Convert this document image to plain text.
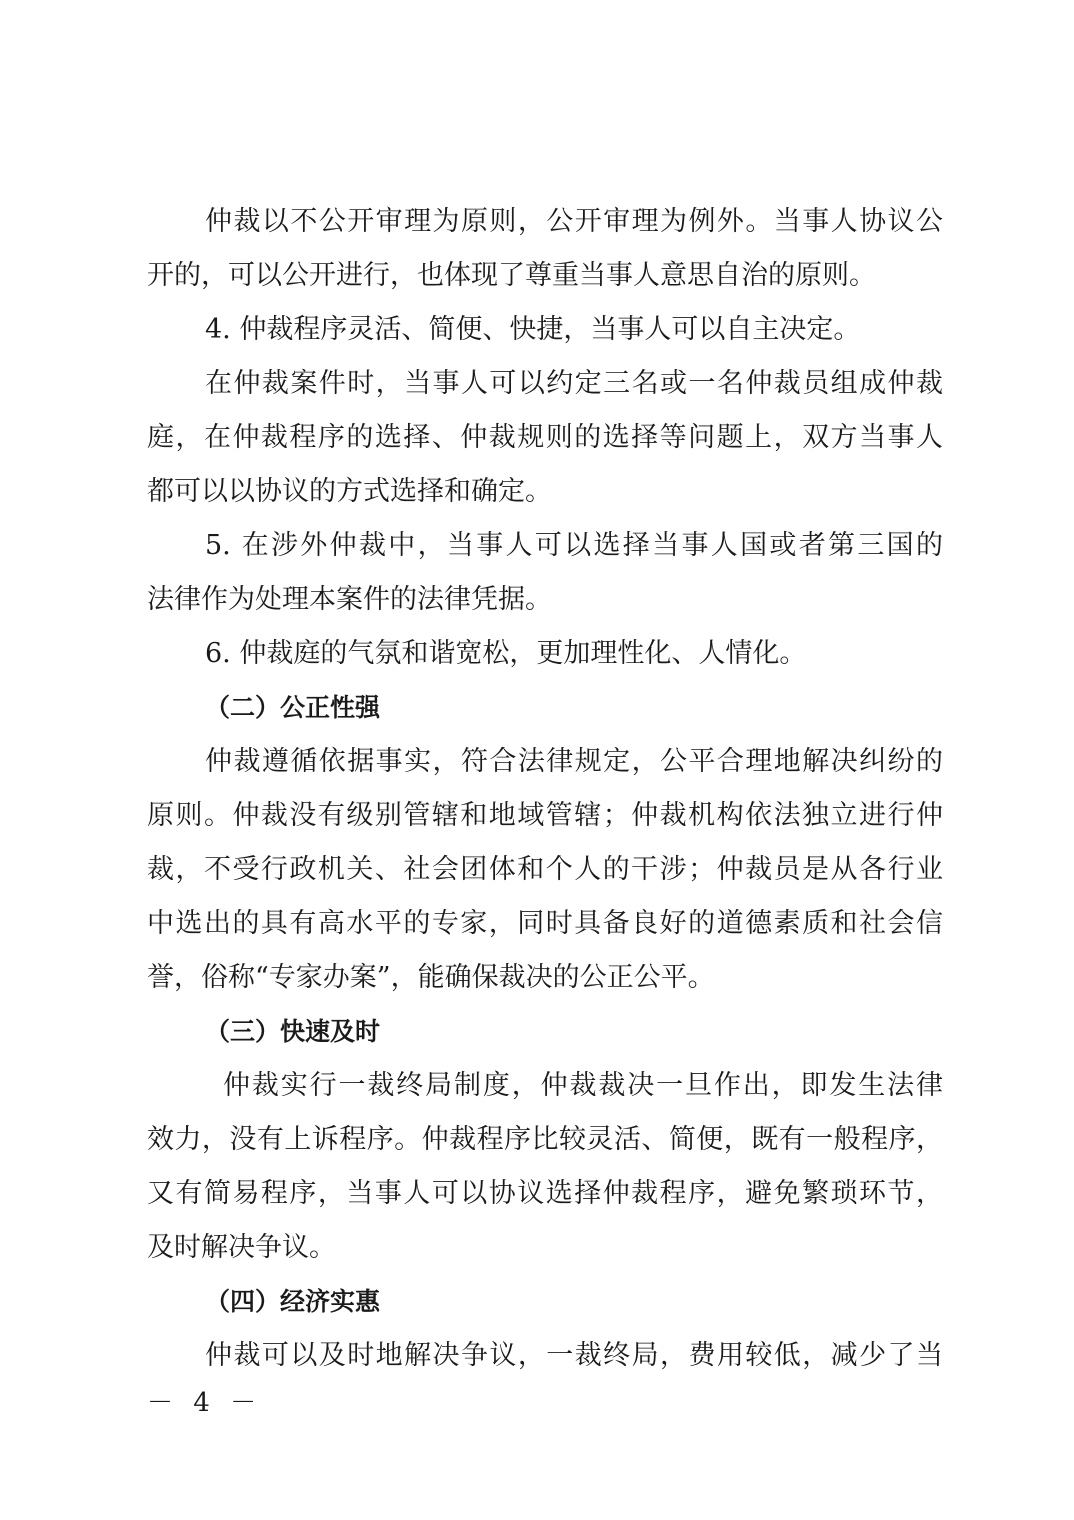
仲裁以不公开审理为原则，公开审理为例外。当事人协议公
开的，可以公开进行，也体现了尊重当事人意思自治的原则。
4. 仲裁程序灵活、简便、快捷，当事人可以自主决定。
在仲裁案件时，当事人可以约定三名或一名仲裁员组成仲裁
庭，在仲裁程序的选择、仲裁规则的选择等问题上，双方当事人
都可以以协议的方式选择和确定。
5. 在涉外仲裁中，当事人可以选择当事人国或者第三国的
法律作为处理本案件的法律凭据。
6. 仲裁庭的气氛和谐宽松，更加理性化、人情化。
（二）公正性强
仲裁遵循依据事实，符合法律规定，公平合理地解决纠纷的
原则。仲裁没有级别管辖和地域管辖；仲裁机构依法独立进行仲
裁，不受行政机关、社会团体和个人的干涉；仲裁员是从各行业
中选出的具有高水平的专家，同时具备良好的道德素质和社会信
誉，俗称“专家办案”，能确保裁决的公正公平。
（三）快速及时
仲裁实行一裁终局制度，仲裁裁决一旦作出，即发生法律
效力，没有上诉程序。仲裁程序比较灵活、简便，既有一般程序，
又有简易程序，当事人可以协议选择仲裁程序，避免繁琐环节，
及时解决争议。
（四）经济实惠
仲裁可以及时地解决争议，一裁终局，费用较低，减少了当
－ 4 －
